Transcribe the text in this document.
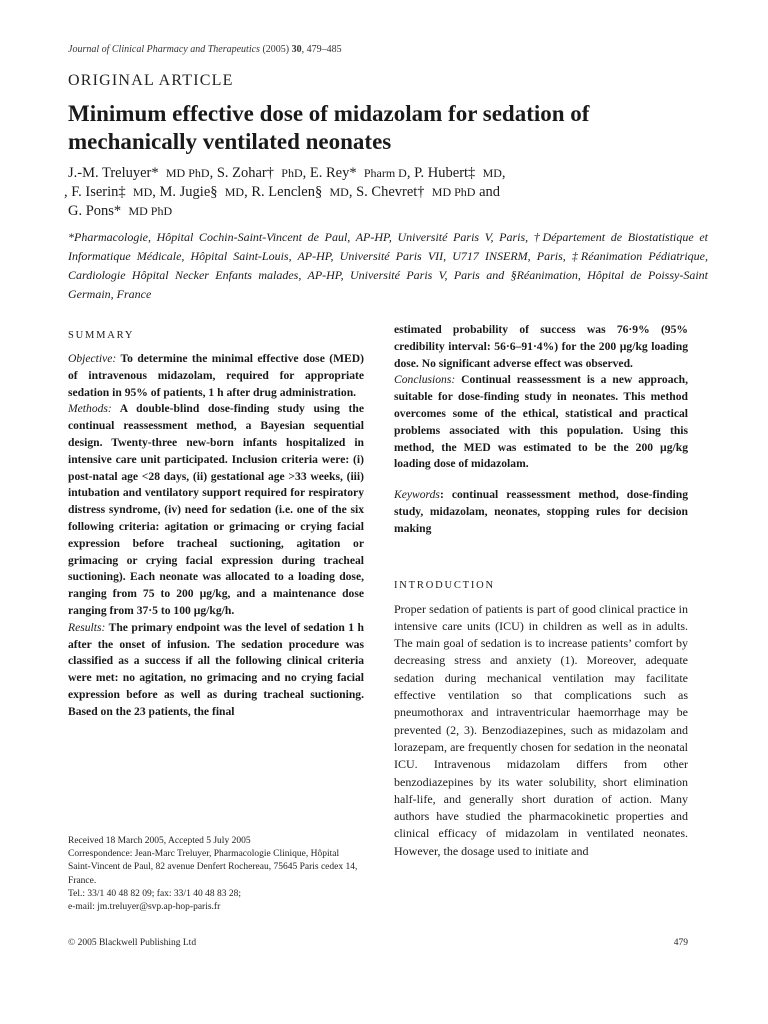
Journal of Clinical Pharmacy and Therapeutics (2005) 30, 479–485
ORIGINAL ARTICLE
Minimum effective dose of midazolam for sedation of mechanically ventilated neonates
J.-M. Treluyer* MD PhD, S. Zohar† PhD, E. Rey* Pharm D, P. Hubert‡ MD,
, F. Iserin‡ MD, M. Jugie§ MD, R. Lenclen§ MD, S. Chevret† MD PhD and
G. Pons* MD PhD
*Pharmacologie, Hôpital Cochin-Saint-Vincent de Paul, AP-HP, Université Paris V, Paris, †Département de Biostatistique et Informatique Médicale, Hôpital Saint-Louis, AP-HP, Université Paris VII, U717 INSERM, Paris, ‡Réanimation Pédiatrique, Cardiologie Hôpital Necker Enfants malades, AP-HP, Université Paris V, Paris and §Réanimation, Hôpital de Poissy-Saint Germain, France
SUMMARY

Objective: To determine the minimal effective dose (MED) of intravenous midazolam, required for appropriate sedation in 95% of patients, 1 h after drug administration.

Methods: A double-blind dose-finding study using the continual reassessment method, a Bayesian sequential design. Twenty-three new-born infants hospitalized in intensive care unit participated. Inclusion criteria were: (i) post-natal age <28 days, (ii) gestational age >33 weeks, (iii) intubation and ventilatory support required for respiratory distress syndrome, (iv) need for sedation (i.e. one of the six following criteria: agitation or grimacing or crying facial expression before tracheal suctioning, agitation or grimacing or crying facial expression during tracheal suctioning). Each neonate was allocated to a loading dose, ranging from 75 to 200 µg/kg, and a maintenance dose ranging from 37·5 to 100 µg/kg/h.

Results: The primary endpoint was the level of sedation 1 h after the onset of infusion. The sedation procedure was classified as a success if all the following clinical criteria were met: no agitation, no grimacing and no crying facial expression before as well as during tracheal suctioning. Based on the 23 patients, the final

estimated probability of success was 76·9% (95% credibility interval: 56·6–91·4%) for the 200 µg/kg loading dose. No significant adverse effect was observed.

Conclusions: Continual reassessment is a new approach, suitable for dose-finding study in neonates. This method overcomes some of the ethical, statistical and practical problems associated with this population. Using this method, the MED was estimated to be the 200 µg/kg loading dose of midazolam.

Keywords: continual reassessment method, dose-finding study, midazolam, neonates, stopping rules for decision making

INTRODUCTION

Proper sedation of patients is part of good clinical practice in intensive care units (ICU) in children as well as in adults. The main goal of sedation is to increase patients’ comfort by decreasing stress and anxiety (1). Moreover, adequate sedation during mechanical ventilation may facilitate effective ventilation so that complications such as pneumothorax and intraventricular haemorrhage may be prevented (2, 3). Benzodiazepines, such as midazolam and lorazepam, are frequently chosen for sedation in the neonatal ICU. Intravenous midazolam differs from other benzodiazepines by its water solubility, short elimination half-life, and generally short duration of action. Many authors have studied the pharmacokinetic properties and clinical efficacy of midazolam in ventilated neonates. However, the dosage used to initiate and

Received 18 March 2005, Accepted 5 July 2005
Correspondence: Jean-Marc Treluyer, Pharmacologie Clinique, Hôpital Saint-Vincent de Paul, 82 avenue Denfert Rochereau, 75645 Paris cedex 14, France.
Tel.: 33/1 40 48 82 09; fax: 33/1 40 48 83 28;
e-mail: jm.treluyer@svp.ap-hop-paris.fr
© 2005 Blackwell Publishing Ltd	479
